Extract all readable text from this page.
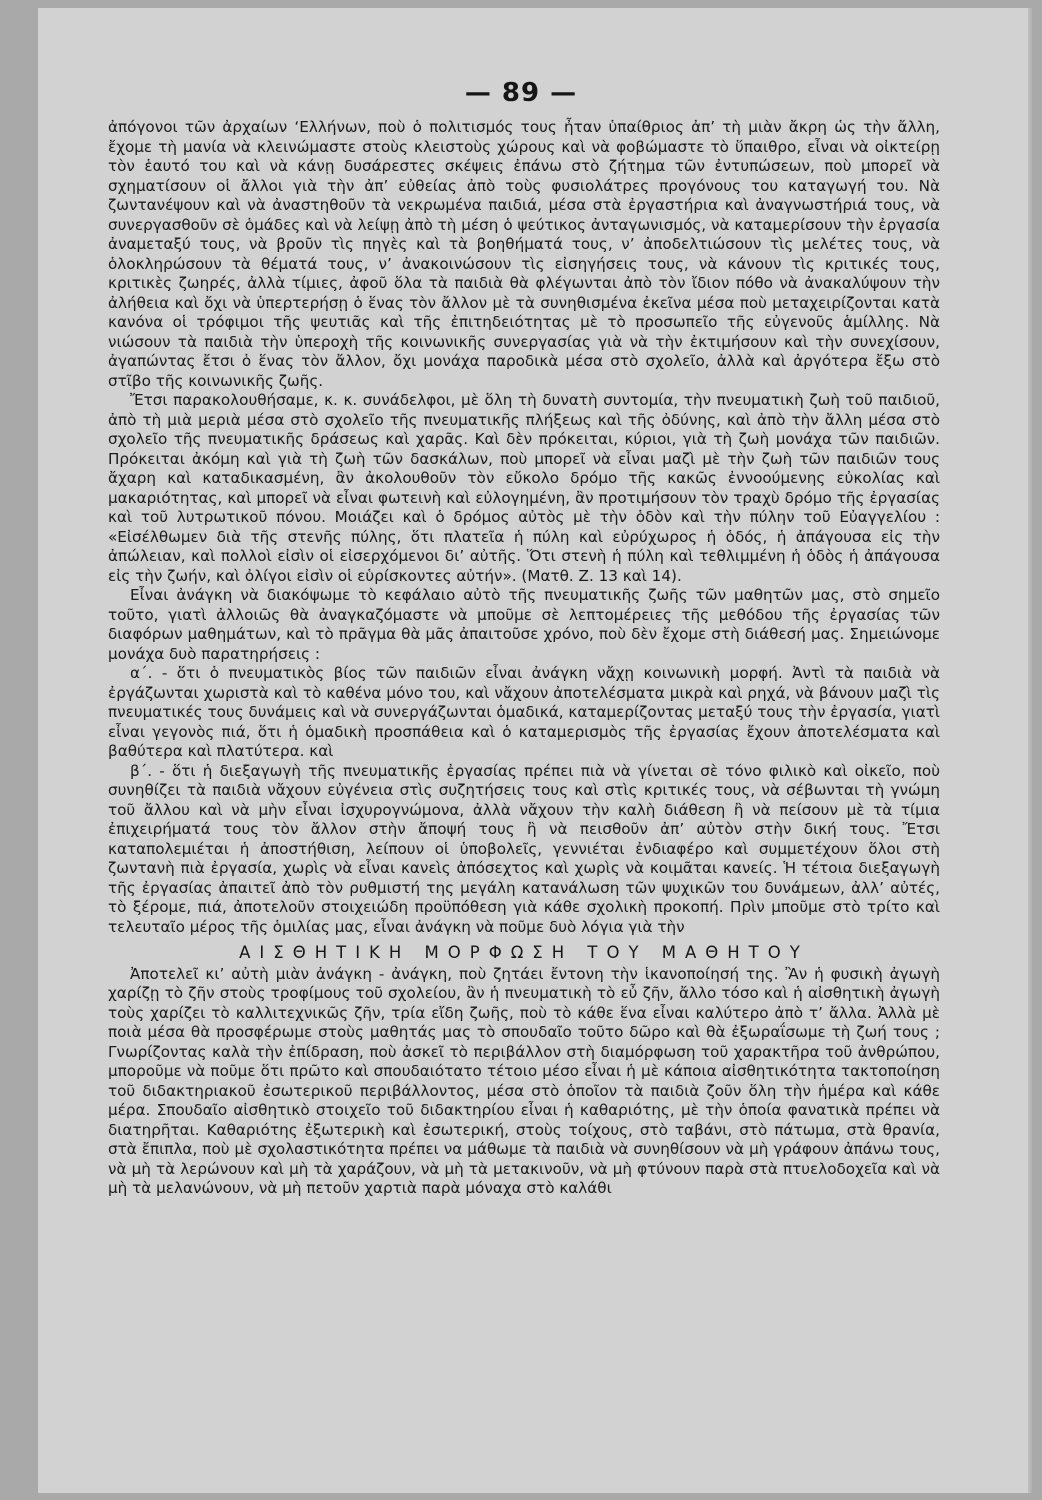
— 89 —

ἀπόγονοι τῶν ἀρχαίων ‘Ελλήνων, ποὺ ὁ πολιτισμός τους ἦταν ὑπαίθριος ἀπ’ τὴ μιὰν ἄκρη ὡς τὴν ἄλλη, ἔχομε τὴ μανία νὰ κλεινώμαστε στοὺς κλειστοὺς χώρους καὶ νὰ φοβώμαστε τὸ ὕπαιθρο, εἶναι νὰ οἰκτείρῃ τὸν ἑαυτό του καὶ νὰ κάνῃ δυσάρεστες σκέψεις ἐπάνω στὸ ζήτημα τῶν ἐντυπώσεων, ποὺ μπορεῖ νὰ σχηματίσουν οἱ ἄλλοι γιὰ τὴν ἀπ’ εὐθείας ἀπὸ τοὺς φυσιολάτρες προγόνους του καταγωγή του. Νὰ ζωντανέψουν καὶ νὰ ἀναστηθοῦν τὰ νεκρωμένα παιδιά, μέσα στὰ ἐργαστήρια καὶ ἀναγνωστήριά τους, νὰ συνεργασθοῦν σὲ ὁμάδες καὶ νὰ λείψῃ ἀπὸ τὴ μέση ὁ ψεύτικος ἀνταγωνισμός, νὰ καταμερίσουν τὴν ἐργασία ἀναμεταξύ τους, νὰ βροῦν τὶς πηγὲς καὶ τὰ βοηθήματά τους, ν’ ἀποδελτιώσουν τὶς μελέτες τους, νὰ ὁλοκληρώσουν τὰ θέματά τους, ν’ ἀνακοινώσουν τὶς εἰσηγήσεις τους, νὰ κάνουν τὶς κριτικές τους, κριτικὲς ζωηρές, ἀλλὰ τίμιες, ἀφοῦ ὅλα τὰ παιδιὰ θὰ φλέγωνται ἀπὸ τὸν ἴδιον πόθο νὰ ἀνακαλύψουν τὴν ἀλήθεια καὶ ὄχι νὰ ὑπερτερήσῃ ὁ ἕνας τὸν ἄλλον μὲ τὰ συνηθισμένα ἐκεῖνα μέσα ποὺ μεταχειρίζονται κατὰ κανόνα οἱ τρόφιμοι τῆς ψευτιᾶς καὶ τῆς ἐπιτηδειότητας μὲ τὸ προσωπεῖο τῆς εὐγενοῦς ἁμίλλης. Νὰ νιώσουν τὰ παιδιὰ τὴν ὑπεροχὴ τῆς κοινωνικῆς συνεργασίας γιὰ νὰ τὴν ἐκτιμήσουν καὶ τὴν συνεχίσουν, ἀγαπώντας ἔτσι ὁ ἕνας τὸν ἄλλον, ὄχι μονάχα παροδικὰ μέσα στὸ σχολεῖο, ἀλλὰ καὶ ἀργότερα ἔξω στὸ στῖβο τῆς κοινωνικῆς ζωῆς.

Ἔτσι παρακολουθήσαμε, κ. κ. συνάδελφοι, μὲ ὅλη τὴ δυνατὴ συντομία, τὴν πνευματικὴ ζωὴ τοῦ παιδιοῦ, ἀπὸ τὴ μιὰ μεριὰ μέσα στὸ σχολεῖο τῆς πνευματικῆς πλήξεως καὶ τῆς ὀδύνης, καὶ ἀπὸ τὴν ἄλλη μέσα στὸ σχολεῖο τῆς πνευματικῆς δράσεως καὶ χαρᾶς. Καὶ δὲν πρόκειται, κύριοι, γιὰ τὴ ζωὴ μονάχα τῶν παιδιῶν. Πρόκειται ἀκόμη καὶ γιὰ τὴ ζωὴ τῶν δασκάλων, ποὺ μπορεῖ νὰ εἶναι μαζὶ μὲ τὴν ζωὴ τῶν παιδιῶν τους ἄχαρη καὶ καταδικασμένη, ἂν ἀκολουθοῦν τὸν εὔκολο δρόμο τῆς κακῶς ἐννοούμενης εὐκολίας καὶ μακαριότητας, καὶ μπορεῖ νὰ εἶναι φωτεινὴ καὶ εὐλογημένη, ἂν προτιμήσουν τὸν τραχὺ δρόμο τῆς ἐργασίας καὶ τοῦ λυτρωτικοῦ πόνου. Μοιάζει καὶ ὁ δρόμος αὐτὸς μὲ τὴν ὁδὸν καὶ τὴν πύλην τοῦ Εὐαγγελίου : «Εἰσέλθωμεν διὰ τῆς στενῆς πύλης, ὅτι πλατεῖα ἡ πύλη καὶ εὐρύχωρος ἡ ὁδός, ἡ ἀπάγουσα εἰς τὴν ἀπώλειαν, καὶ πολλοὶ εἰσὶν οἱ εἰσερχόμενοι δι’ αὐτῆς. Ὅτι στενὴ ἡ πύλη καὶ τεθλιμμένη ἡ ὁδὸς ἡ ἀπάγουσα εἰς τὴν ζωήν, καὶ ὀλίγοι εἰσὶν οἱ εὑρίσκοντες αὐτήν». (Ματθ. Ζ. 13 καὶ 14).

Εἶναι ἀνάγκη νὰ διακόψωμε τὸ κεφάλαιο αὐτὸ τῆς πνευματικῆς ζωῆς τῶν μαθητῶν μας, στὸ σημεῖο τοῦτο, γιατὶ ἀλλοιῶς θὰ ἀναγκαζόμαστε νὰ μποῦμε σὲ λεπτομέρειες τῆς μεθόδου τῆς ἐργασίας τῶν διαφόρων μαθημάτων, καὶ τὸ πρᾶγμα θὰ μᾶς ἀπαιτοῦσε χρόνο, ποὺ δὲν ἔχομε στὴ διάθεσή μας. Σημειώνομε μονάχα δυὸ παρατηρήσεις :

α΄. - ὅτι ὁ πνευματικὸς βίος τῶν παιδιῶν εἶναι ἀνάγκη νἄχῃ κοινωνικὴ μορφή. Ἀντὶ τὰ παιδιὰ νὰ ἐργάζωνται χωριστὰ καὶ τὸ καθένα μόνο του, καὶ νἄχουν ἀποτελέσματα μικρὰ καὶ ρηχά, νὰ βάνουν μαζὶ τὶς πνευματικές τους δυνάμεις καὶ νὰ συνεργάζωνται ὁμαδικά, καταμερίζοντας μεταξύ τους τὴν ἐργασία, γιατὶ εἶναι γεγονὸς πιά, ὅτι ἡ ὁμαδικὴ προσπάθεια καὶ ὁ καταμερισμὸς τῆς ἐργασίας ἔχουν ἀποτελέσματα καὶ βαθύτερα καὶ πλατύτερα. καὶ

β΄. - ὅτι ἡ διεξαγωγὴ τῆς πνευματικῆς ἐργασίας πρέπει πιὰ νὰ γίνεται σὲ τόνο φιλικὸ καὶ οἰκεῖο, ποὺ συνηθίζει τὰ παιδιὰ νἄχουν εὐγένεια στὶς συζητήσεις τους καὶ στὶς κριτικές τους, νὰ σέβωνται τὴ γνώμη τοῦ ἄλλου καὶ νὰ μὴν εἶναι ἰσχυρογνώμονα, ἀλλὰ νἄχουν τὴν καλὴ διάθεση ἢ νὰ πείσουν μὲ τὰ τίμια ἐπιχειρήματά τους τὸν ἄλλον στὴν ἄποψή τους ἢ νὰ πεισθοῦν ἀπ’ αὐτὸν στὴν δική τους. Ἔτσι καταπολεμιέται ἡ ἀποστήθιση, λείπουν οἱ ὑποβολεῖς, γεννιέται ἐνδιαφέρο καὶ συμμετέχουν ὅλοι στὴ ζωντανὴ πιὰ ἐργασία, χωρὶς νὰ εἶναι κανεὶς ἀπόσεχτος καὶ χωρὶς νὰ κοιμᾶται κανείς. Ἡ τέτοια διεξαγωγὴ τῆς ἐργασίας ἀπαιτεῖ ἀπὸ τὸν ρυθμιστή της μεγάλη κατανάλωση τῶν ψυχικῶν του δυνάμεων, ἀλλ’ αὐτές, τὸ ξέρομε, πιά, ἀποτελοῦν στοιχειώδη προϋπόθεση γιὰ κάθε σχολικὴ προκοπή. Πρὶν μποῦμε στὸ τρίτο καὶ τελευταῖο μέρος τῆς ὁμιλίας μας, εἶναι ἀνάγκη νὰ ποῦμε δυὸ λόγια γιὰ τὴν

ΑΙΣΘΗΤΙΚΗ ΜΟΡΦΩΣΗ ΤΟΥ ΜΑΘΗΤΟΥ

Ἀποτελεῖ κι’ αὐτὴ μιὰν ἀνάγκη - ἀνάγκη, ποὺ ζητάει ἔντονη τὴν ἱκανοποίησή της. Ἂν ἡ φυσικὴ ἀγωγὴ χαρίζῃ τὸ ζῆν στοὺς τροφίμους τοῦ σχολείου, ἂν ἡ πνευματικὴ τὸ εὖ ζῆν, ἄλλο τόσο καὶ ἡ αἰσθητικὴ ἀγωγὴ τοὺς χαρίζει τὸ καλλιτεχνικῶς ζῆν, τρία εἴδη ζωῆς, ποὺ τὸ κάθε ἕνα εἶναι καλύτερο ἀπὸ τ’ ἄλλα. Ἀλλὰ μὲ ποιὰ μέσα θὰ προσφέρωμε στοὺς μαθητάς μας τὸ σπουδαῖο τοῦτο δῶρο καὶ θὰ ἐξωραΐσωμε τὴ ζωή τους ; Γνωρίζοντας καλὰ τὴν ἐπίδραση, ποὺ ἀσκεῖ τὸ περιβάλλον στὴ διαμόρφωση τοῦ χαρακτῆρα τοῦ ἀνθρώπου, μποροῦμε νὰ ποῦμε ὅτι πρῶτο καὶ σπουδαιότατο τέτοιο μέσο εἶναι ἡ μὲ κάποια αἰσθητικότητα τακτοποίηση τοῦ διδακτηριακοῦ ἐσωτερικοῦ περιβάλλοντος, μέσα στὸ ὁποῖον τὰ παιδιὰ ζοῦν ὅλη τὴν ἡμέρα καὶ κάθε μέρα. Σπουδαῖο αἰσθητικὸ στοιχεῖο τοῦ διδακτηρίου εἶναι ἡ καθαριότης, μὲ τὴν ὁποία φανατικὰ πρέπει νὰ διατηρῆται. Καθαριότης ἐξωτερικὴ καὶ ἐσωτερική, στοὺς τοίχους, στὸ ταβάνι, στὸ πάτωμα, στὰ θρανία, στὰ ἔπιπλα, ποὺ μὲ σχολαστικότητα πρέπει να μάθωμε τὰ παιδιὰ νὰ συνηθίσουν νὰ μὴ γράφουν ἀπάνω τους, νὰ μὴ τὰ λερώνουν καὶ μὴ τὰ χαράζουν, νὰ μὴ τὰ μετακινοῦν, νὰ μὴ φτύνουν παρὰ στὰ πτυελοδοχεῖα καὶ νὰ μὴ τὰ μελανώνουν, νὰ μὴ πετοῦν χαρτιὰ παρὰ μόναχα στὸ καλάθι
